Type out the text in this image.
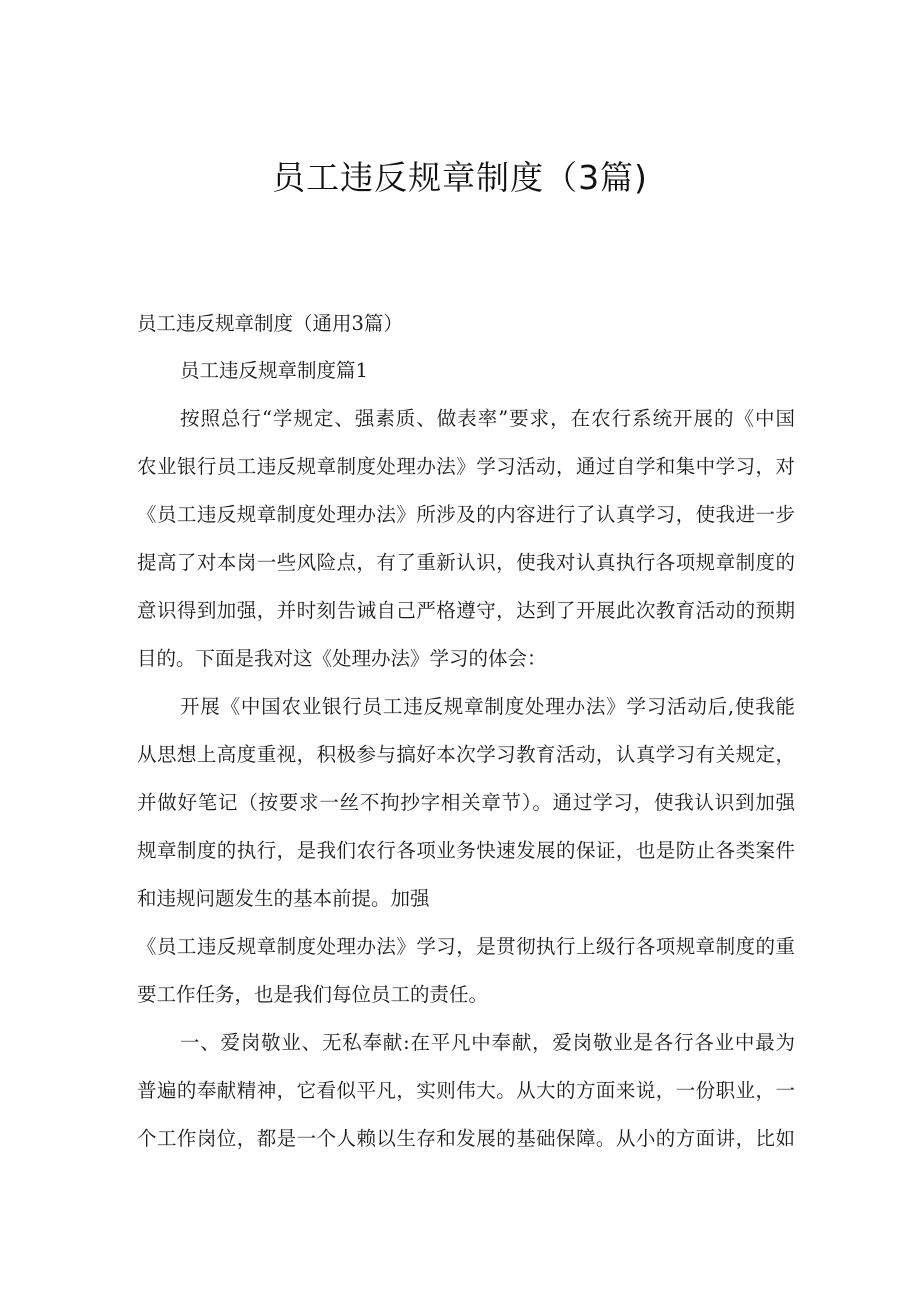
员工违反规章制度（3篇)

员工违反规章制度（通用3篇）

员工违反规章制度篇1

按照总行“学规定、强素质、做表率”要求，在农行系统开展的《中国

农业银行员工违反规章制度处理办法》学习活动，通过自学和集中学习，对

《员工违反规章制度处理办法》所涉及的内容进行了认真学习，使我进一步

提高了对本岗一些风险点，有了重新认识，使我对认真执行各项规章制度的

意识得到加强，并时刻告诫自己严格遵守，达到了开展此次教育活动的预期

目的。下面是我对这《处理办法》学习的体会：

开展《中国农业银行员工违反规章制度处理办法》学习活动后,使我能

从思想上高度重视，积极参与搞好本次学习教育活动，认真学习有关规定，

并做好笔记（按要求一丝不拘抄字相关章节）。通过学习，使我认识到加强

规章制度的执行，是我们农行各项业务快速发展的保证，也是防止各类案件

和违规问题发生的基本前提。加强

《员工违反规章制度处理办法》学习，是贯彻执行上级行各项规章制度的重

要工作任务，也是我们每位员工的责任。

一、爱岗敬业、无私奉献:在平凡中奉献，爱岗敬业是各行各业中最为

普遍的奉献精神，它看似平凡，实则伟大。从大的方面来说，一份职业，一

个工作岗位，都是一个人赖以生存和发展的基础保障。从小的方面讲，比如
